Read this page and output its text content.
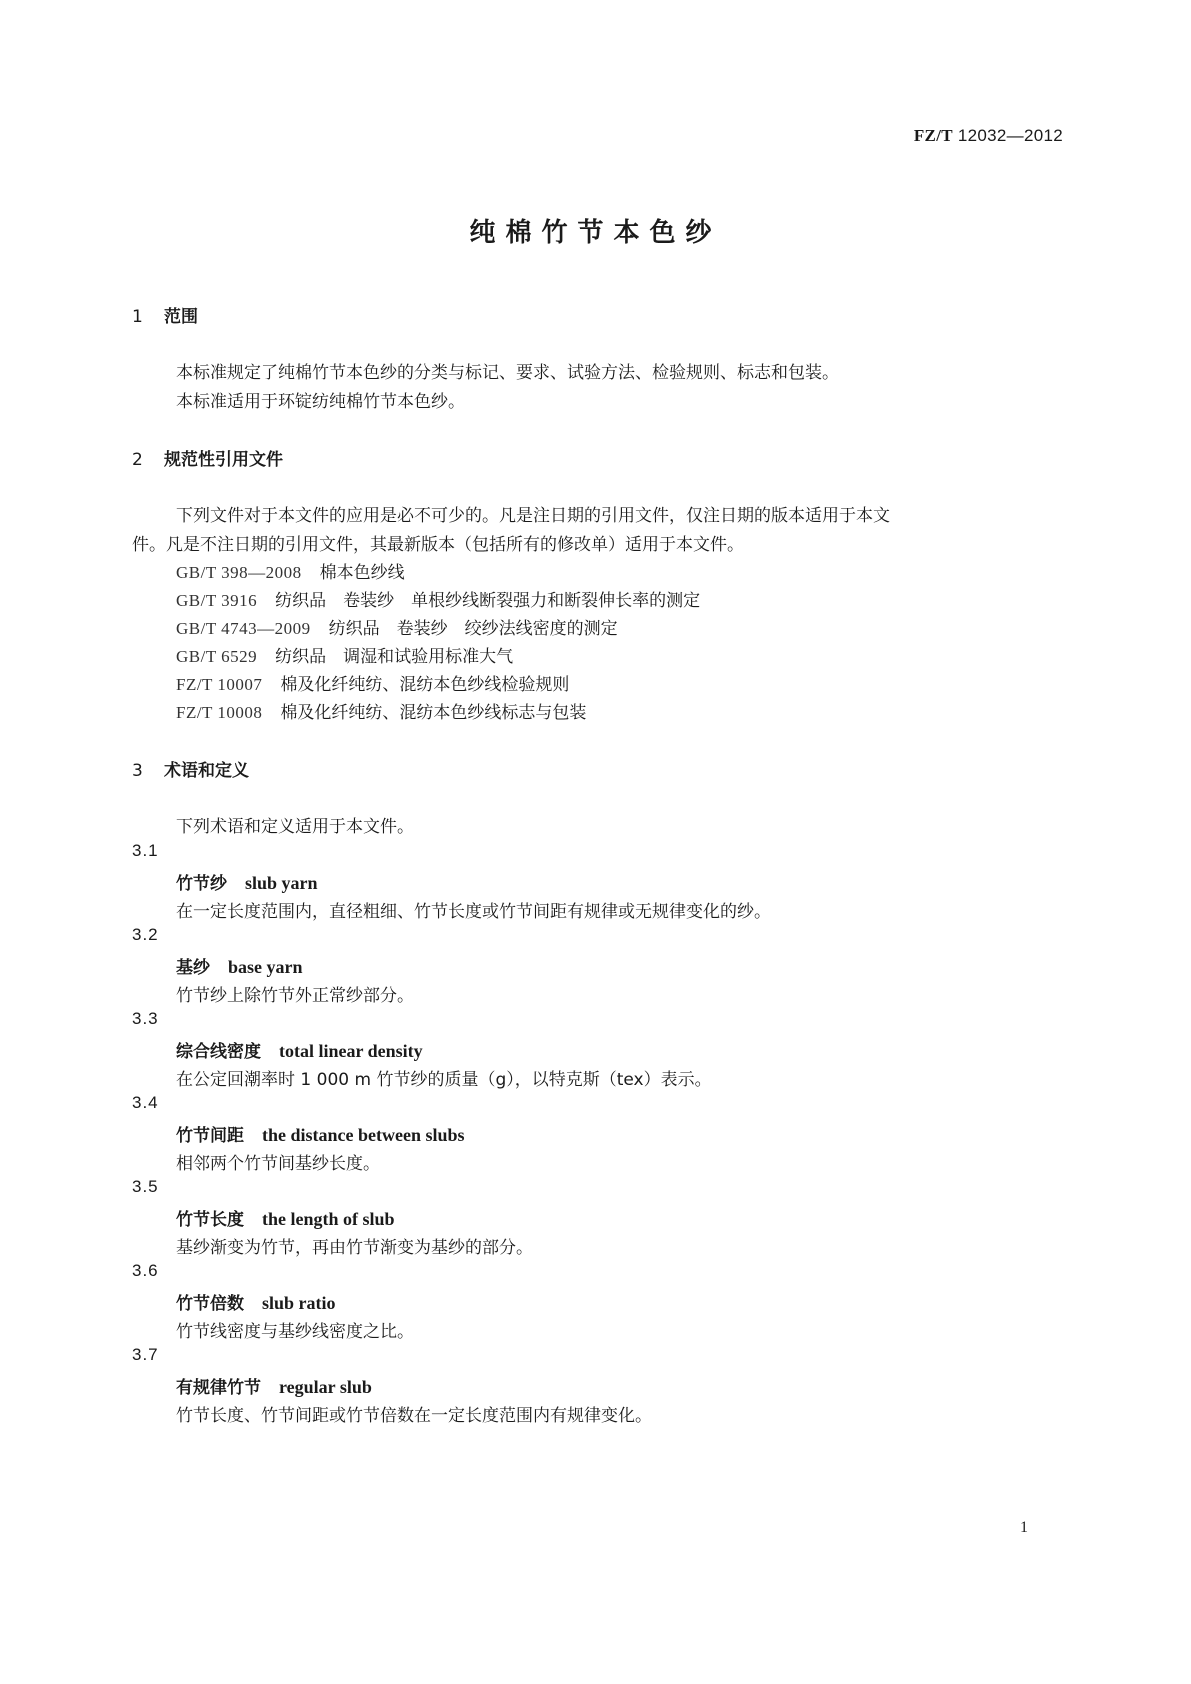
FZ/T 12032—2012
纯棉竹节本色纱
1 范围
本标准规定了纯棉竹节本色纱的分类与标记、要求、试验方法、检验规则、标志和包装。
本标准适用于环锭纺纯棉竹节本色纱。
2 规范性引用文件
下列文件对于本文件的应用是必不可少的。凡是注日期的引用文件，仅注日期的版本适用于本文
件。凡是不注日期的引用文件，其最新版本（包括所有的修改单）适用于本文件。
GB/T 398—2008 棉本色纱线
GB/T 3916 纺织品　卷装纱　单根纱线断裂强力和断裂伸长率的测定
GB/T 4743—2009 纺织品　卷装纱　绞纱法线密度的测定
GB/T 6529 纺织品　调湿和试验用标准大气
FZ/T 10007 棉及化纤纯纺、混纺本色纱线检验规则
FZ/T 10008 棉及化纤纯纺、混纺本色纱线标志与包装
3 术语和定义
下列术语和定义适用于本文件。
3.1
竹节纱 slub yarn
在一定长度范围内，直径粗细、竹节长度或竹节间距有规律或无规律变化的纱。
3.2
基纱 base yarn
竹节纱上除竹节外正常纱部分。
3.3
综合线密度 total linear density
在公定回潮率时 1 000 m 竹节纱的质量（g），以特克斯（tex）表示。
3.4
竹节间距 the distance between slubs
相邻两个竹节间基纱长度。
3.5
竹节长度 the length of slub
基纱渐变为竹节，再由竹节渐变为基纱的部分。
3.6
竹节倍数 slub ratio
竹节线密度与基纱线密度之比。
3.7
有规律竹节 regular slub
竹节长度、竹节间距或竹节倍数在一定长度范围内有规律变化。
1
